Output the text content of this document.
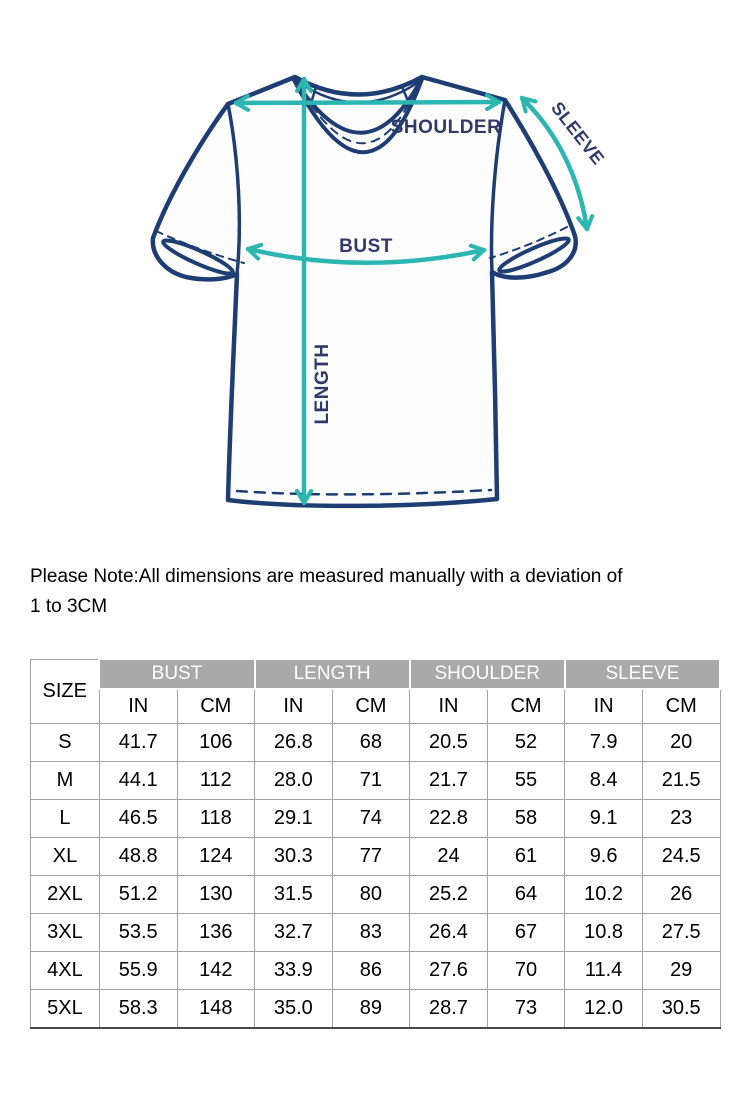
SHOULDER
BUST
LENGTH
SLEEVE
Please Note:All dimensions are measured manually with a deviation of
1 to 3CM
SIZE	BUST		LENGTH		SHOULDER		SLEEVE	
	IN	CM	IN	CM	IN	CM	IN	CM
S	41.7	106	26.8	68	20.5	52	7.9	20
M	44.1	112	28.0	71	21.7	55	8.4	21.5
L	46.5	118	29.1	74	22.8	58	9.1	23
XL	48.8	124	30.3	77	24	61	9.6	24.5
2XL	51.2	130	31.5	80	25.2	64	10.2	26
3XL	53.5	136	32.7	83	26.4	67	10.8	27.5
4XL	55.9	142	33.9	86	27.6	70	11.4	29
5XL	58.3	148	35.0	89	28.7	73	12.0	30.5
